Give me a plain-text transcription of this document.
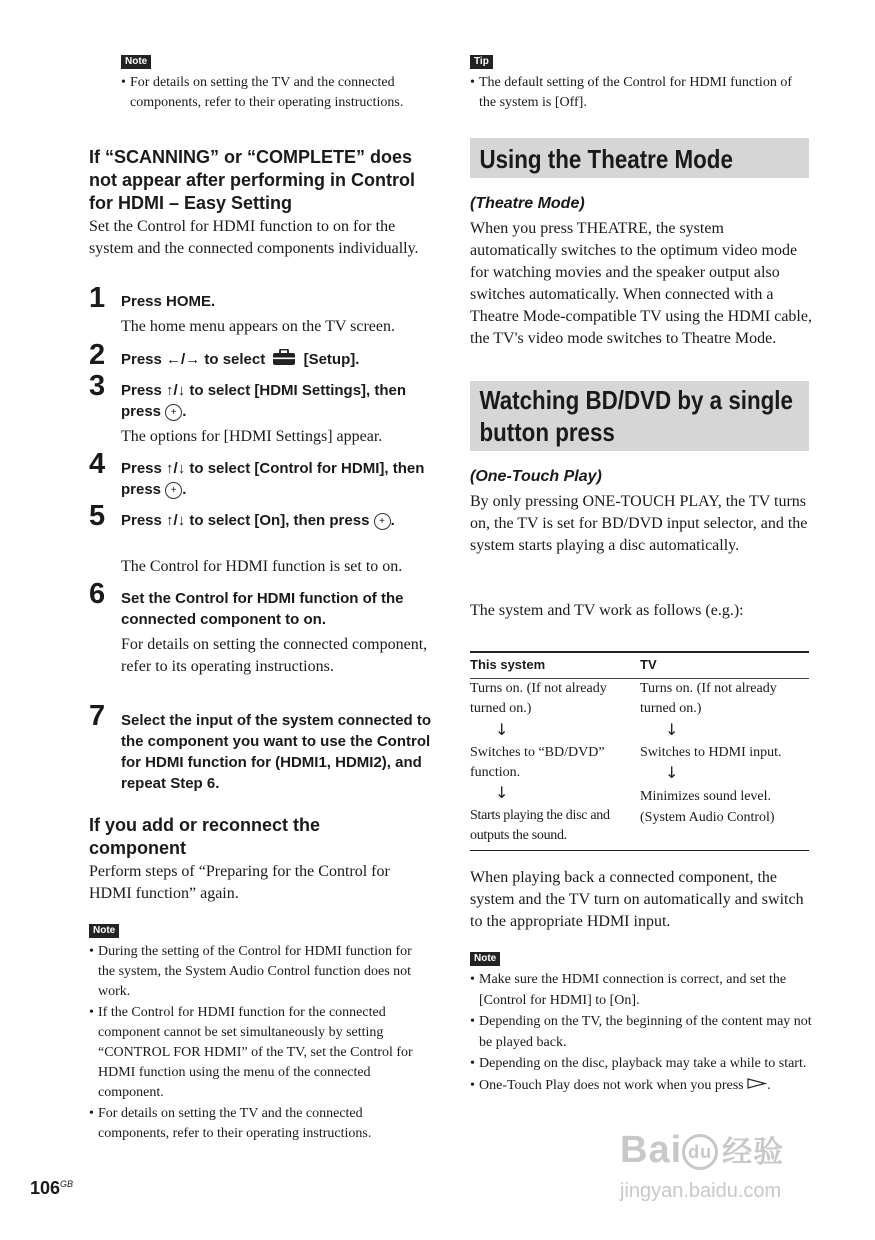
Note
• For details on setting the TV and the connected components, refer to their operating instructions.
If “SCANNING” or “COMPLETE” does not appear after performing in Control for HDMI – Easy Setting
Set the Control for HDMI function to on for the system and the connected components individually.
1 Press HOME.
The home menu appears on the TV screen.
2 Press ←/→ to select	[Setup].
3 Press ↑/↓ to select [HDMI Settings], then press + .
The options for [HDMI Settings] appear.
4 Press ↑/↓ to select [Control for HDMI], then press + .
5 Press ↑/↓ to select [On], then press + .
The Control for HDMI function is set to on.
6 Set the Control for HDMI function of the connected component to on.
For details on setting the connected component, refer to its operating instructions.
7 Select the input of the system connected to the component you want to use the Control for HDMI function for (HDMI1, HDMI2), and repeat Step 6.
If you add or reconnect the component
Perform steps of “Preparing for the Control for HDMI function” again.
Note
• During the setting of the Control for HDMI function for the system, the System Audio Control function does not work.
• If the Control for HDMI function for the connected component cannot be set simultaneously by setting “CONTROL FOR HDMI” of the TV, set the Control for HDMI function using the menu of the connected component.
• For details on setting the TV and the connected components, refer to their operating instructions.
Tip
• The default setting of the Control for HDMI function of the system is [Off].
Using the Theatre Mode
(Theatre Mode)
When you press THEATRE, the system automatically switches to the optimum video mode for watching movies and the speaker output also switches automatically. When connected with a Theatre Mode-compatible TV using the HDMI cable, the TV's video mode switches to Theatre Mode.
Watching BD/DVD by a single
button press
(One-Touch Play)
By only pressing ONE-TOUCH PLAY, the TV turns on, the TV is set for BD/DVD input selector, and the system starts playing a disc automatically.
The system and TV work as follows (e.g.):
This system	TV
Turns on. (If not already turned on.)
↓
Switches to “BD/DVD” function.
↓
Starts playing the disc and outputs the sound.
Turns on. (If not already turned on.)
↓
Switches to HDMI input.
↓
Minimizes sound level. (System Audio Control)
When playing back a connected component, the system and the TV turn on automatically and switch to the appropriate HDMI input.
Note
• Make sure the HDMI connection is correct, and set the [Control for HDMI] to [On].
• Depending on the TV, the beginning of the content may not be played back.
• Depending on the disc, playback may take a while to start.
• One-Touch Play does not work when you press .
$106^{GB}$
Bai du 经验
jingyan.baidu.com
